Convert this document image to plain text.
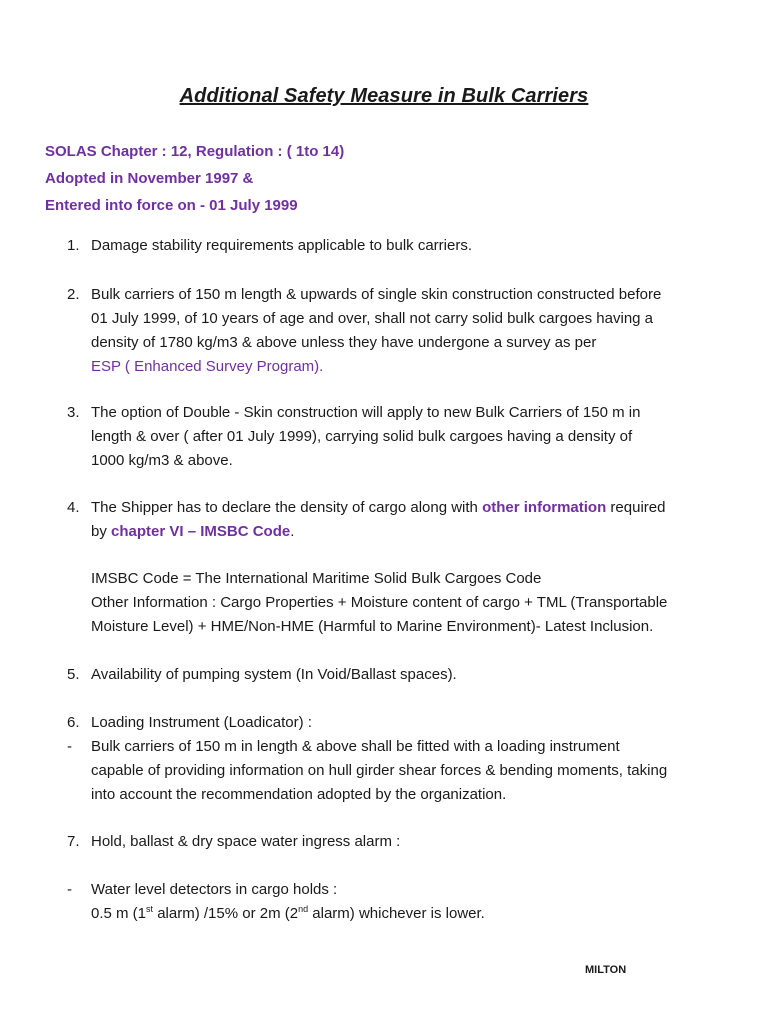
Additional Safety Measure in Bulk Carriers
SOLAS Chapter : 12, Regulation : ( 1to 14)
Adopted in November 1997 &
Entered into force on - 01 July 1999
1. Damage stability requirements applicable to bulk carriers.
2. Bulk carriers of 150 m length & upwards of single skin construction constructed before
01 July 1999, of 10 years of age and over, shall not carry solid bulk cargoes having a
density of 1780 kg/m3 & above unless they have undergone a survey as per
ESP ( Enhanced Survey Program).
3. The option of Double - Skin construction will apply to new Bulk Carriers of 150 m in
length & over ( after 01 July 1999), carrying solid bulk cargoes having a density of
1000 kg/m3 & above.
4. The Shipper has to declare the density of cargo along with other information required
by chapter VI – IMSBC Code.
IMSBC Code = The International Maritime Solid Bulk Cargoes Code
Other Information : Cargo Properties + Moisture content of cargo + TML (Transportable
Moisture Level) + HME/Non-HME (Harmful to Marine Environment)- Latest Inclusion.
5. Availability of pumping system (In Void/Ballast spaces).
6. Loading Instrument (Loadicator) :
- Bulk carriers of 150 m in length & above shall be fitted with a loading instrument
capable of providing information on hull girder shear forces & bending moments, taking
into account the recommendation adopted by the organization.
7. Hold, ballast & dry space water ingress alarm :
- Water level detectors in cargo holds :
0.5 m (1st alarm) /15% or 2m (2nd alarm) whichever is lower.
MILTON
